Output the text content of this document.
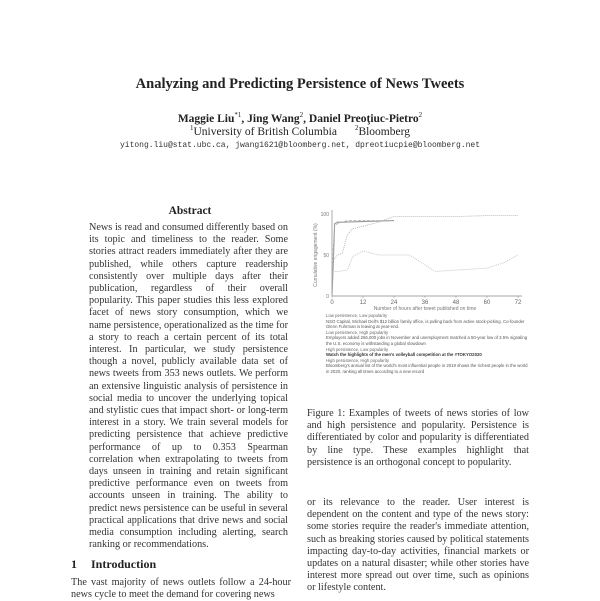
Analyzing and Predicting Persistence of News Tweets
Maggie Liu$^{*1}$, Jing Wang$^2$, Daniel Preoţiuc-Pietro$^2$
$^1$University of British Columbia	$^2$Bloomberg
yitong.liu@stat.ubc.ca, jwang1621@bloomberg.net, dpreotiucpie@bloomberg.net
Abstract
News is read and consumed differently based on its topic and timeliness to the reader. Some stories attract readers immediately after they are published, while others capture readership consistently over multiple days after their publication, regardless of their overall popularity. This paper studies this less explored facet of news story consumption, which we name persistence, operationalized as the time for a story to reach a certain percent of its total interest. In particular, we study persistence though a novel, publicly available data set of news tweets from 353 news outlets. We perform an extensive linguistic analysis of persistence in social media to uncover the underlying topical and stylistic cues that impact short- or long-term interest in a story. We train several models for predicting persistence that achieve predictive performance of up to 0.353 Spearman correlation when extrapolating to tweets from days unseen in training and retain significant predictive performance even on tweets from accounts unseen in training. The ability to predict news persistence can be useful in several practical applications that drive news and social media consumption including alerting, search ranking or recommendations.
1 Introduction
The vast majority of news outlets follow a 24-hour news cycle to meet the demand for covering news
0	12	24	36	48	60	72
0
50
100
Number of hours after tweet published on time
Cumulative engagement (%)
Low persistence, Low popularity
NSO Capital, Michael Dell's $12 billion family office, is pulling back from active stock-picking. Co-founder Glenn Fuhrman is leaving at year-end.
Low persistence, High popularity
Employers added 266,000 jobs in November and unemployment matched a 50-year low of 3.5% signaling the U.S. economy is withstanding a global slowdown
High persistence, Low popularity
Watch the highlights of the men's volleyball competition at the #TOKYO2020
High persistence, High popularity
Bloomberg's annual list of the world's most influential people in 2019 shows the richest people in the world in 2020, ranking all times according to a new record
Figure 1: Examples of tweets of news stories of low and high persistence and popularity. Persistence is differentiated by color and popularity is differentiated by line type. These examples highlight that persistence is an orthogonal concept to popularity.
or its relevance to the reader. User interest is dependent on the content and type of the news story: some stories require the reader's immediate attention, such as breaking stories caused by political statements impacting day-to-day activities, financial markets or updates on a natural disaster; while other stories have interest more spread out over time, such as opinions or lifestyle content.
